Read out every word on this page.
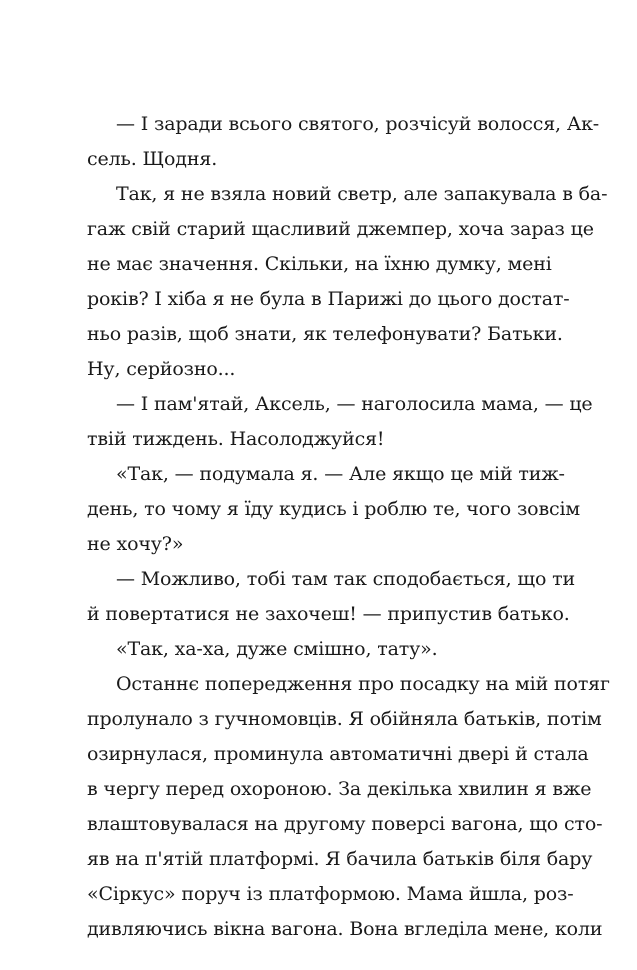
— І заради всього святого, розчісуй волосся, Ак-
сель. Щодня.
Так, я не взяла новий светр, але запакувала в ба-
гаж свій старий щасливий джемпер, хоча зараз це
не має значення. Скільки, на їхню думку, мені
років? І хіба я не була в Парижі до цього достат-
ньо разів, щоб знати, як телефонувати? Батьки.
Ну, серйозно...
— І пам'ятай, Аксель, — наголосила мама, — це
твій тиждень. Насолоджуйся!
«Так, — подумала я. — Але якщо це мій тиж-
день, то чому я їду кудись і роблю те, чого зовсім
не хочу?»
— Можливо, тобі там так сподобається, що ти
й повертатися не захочеш! — припустив батько.
«Так, ха-ха, дуже смішно, тату».
Останнє попередження про посадку на мій потяг
пролунало з гучномовців. Я обійняла батьків, потім
озирнулася, проминула автоматичні двері й стала
в чергу перед охороною. За декілька хвилин я вже
влаштовувалася на другому поверсі вагона, що сто-
яв на п'ятій платформі. Я бачила батьків біля бару
«Сіркус» поруч із платформою. Мама йшла, роз-
дивляючись вікна вагона. Вона вгледіла мене, коли
